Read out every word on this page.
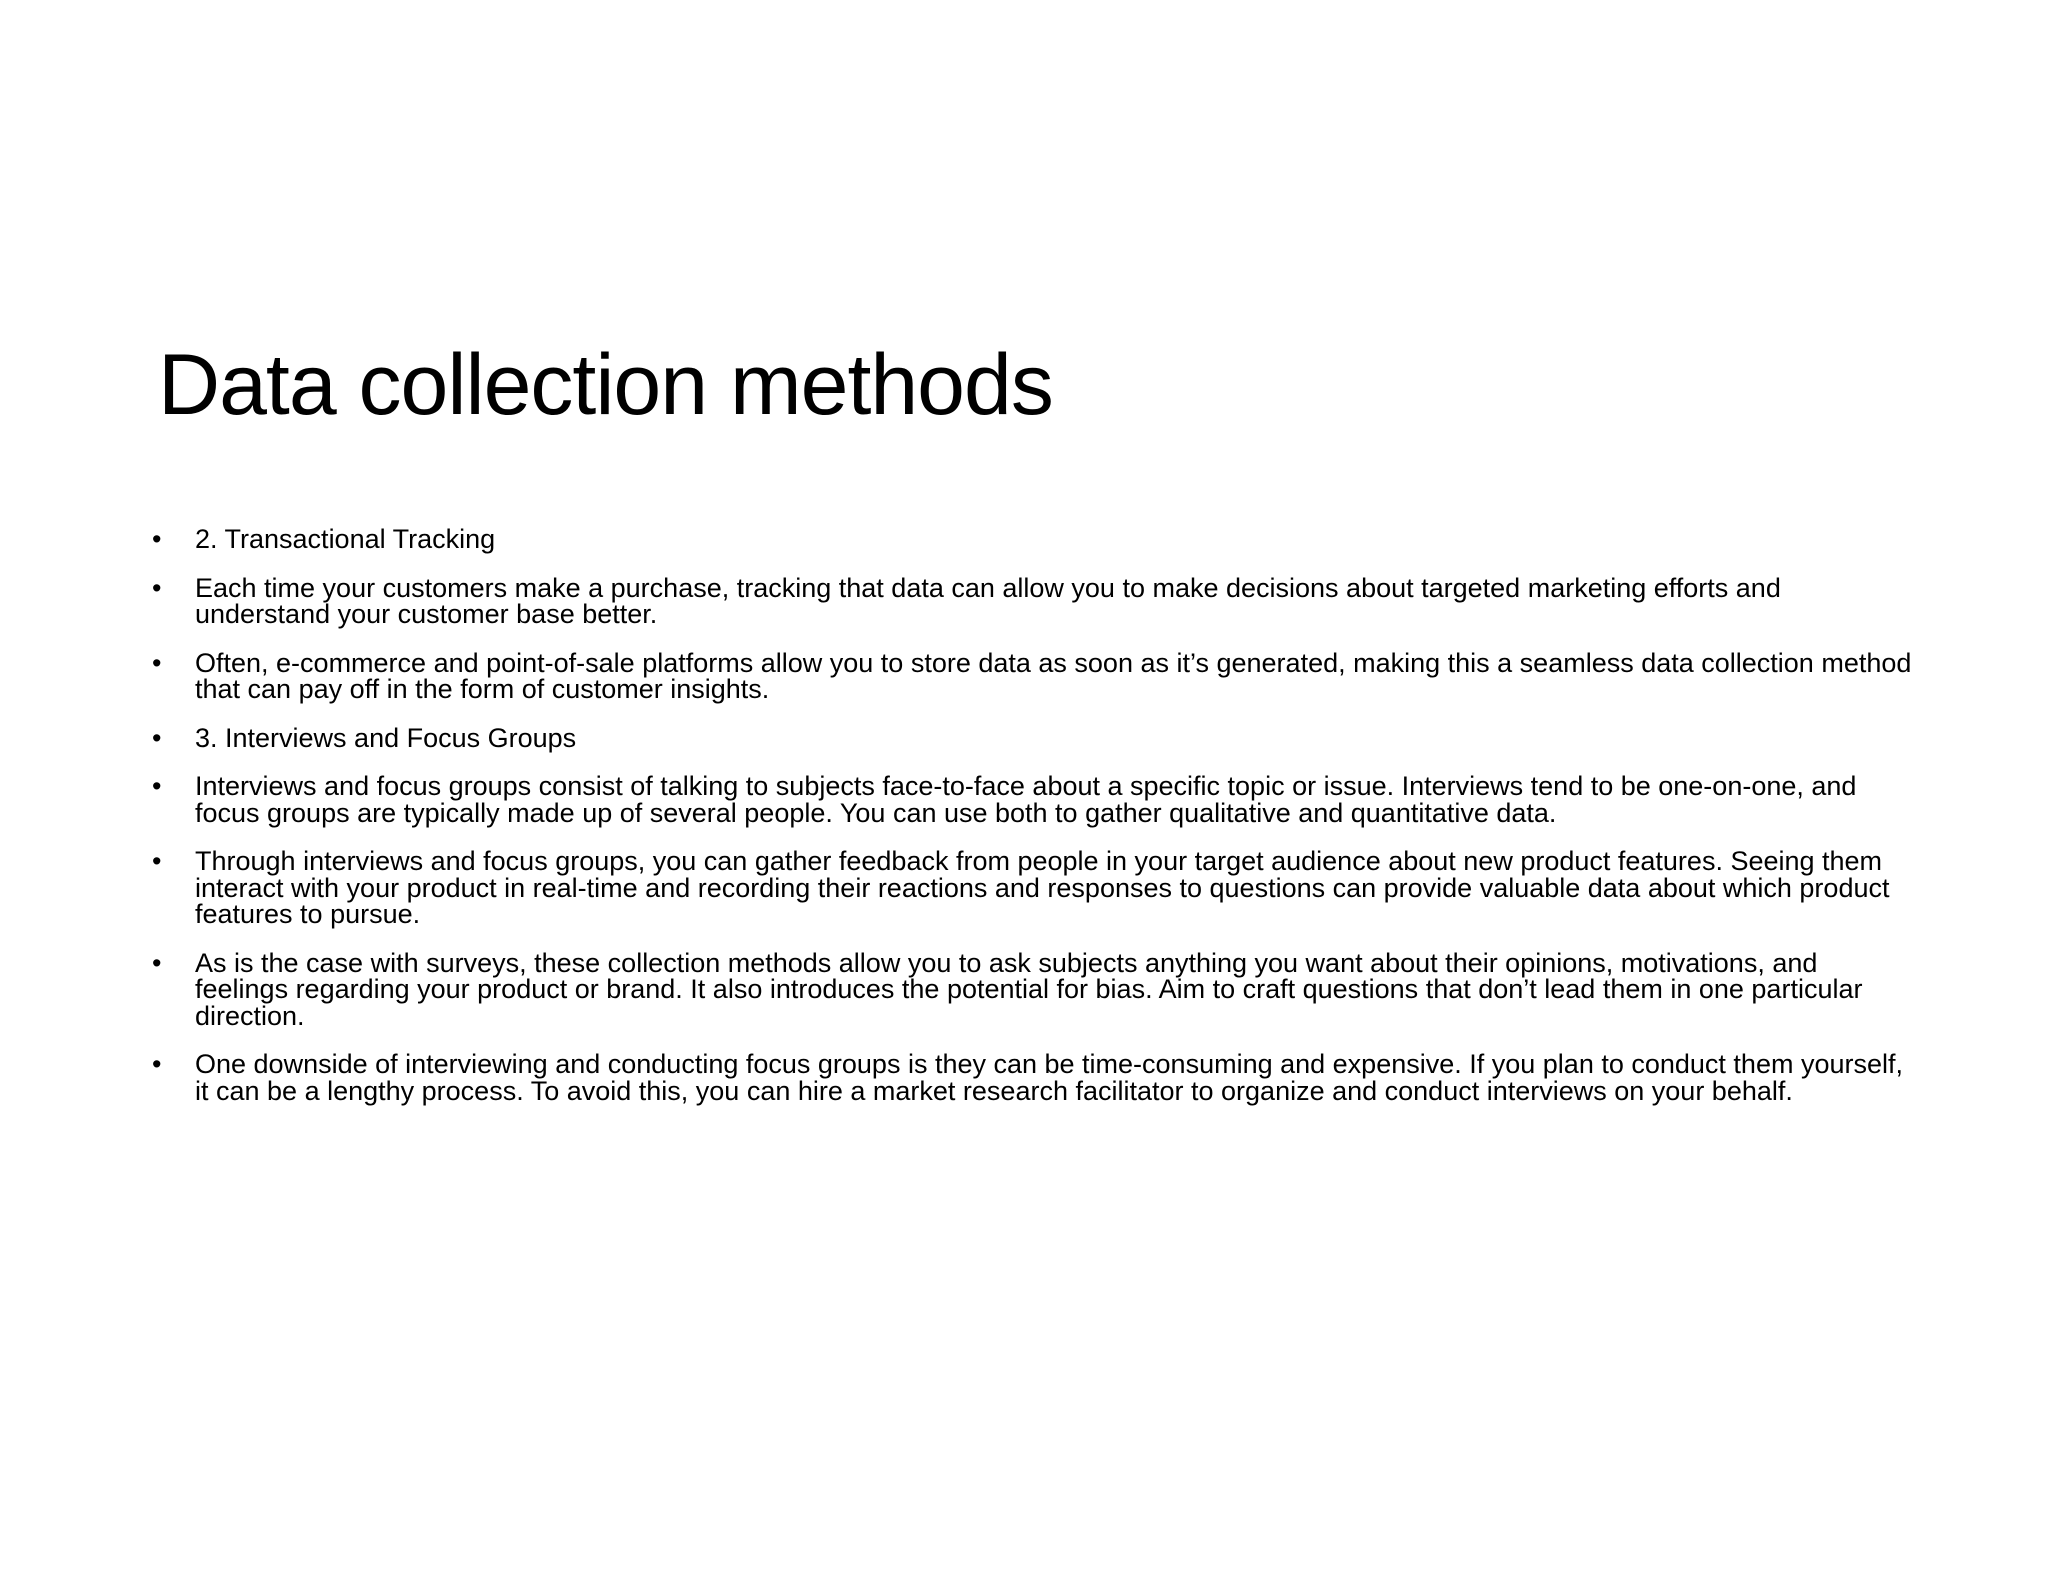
Data collection methods
•	2. Transactional Tracking
•	Each time your customers make a purchase, tracking that data can allow you to make decisions about targeted marketing efforts and understand your customer base better.
•	Often, e-commerce and point-of-sale platforms allow you to store data as soon as it’s generated, making this a seamless data collection method that can pay off in the form of customer insights.
•	3. Interviews and Focus Groups
•	Interviews and focus groups consist of talking to subjects face-to-face about a specific topic or issue. Interviews tend to be one-on-one, and focus groups are typically made up of several people. You can use both to gather qualitative and quantitative data.
•	Through interviews and focus groups, you can gather feedback from people in your target audience about new product features. Seeing them interact with your product in real-time and recording their reactions and responses to questions can provide valuable data about which product features to pursue.
•	As is the case with surveys, these collection methods allow you to ask subjects anything you want about their opinions, motivations, and feelings regarding your product or brand. It also introduces the potential for bias. Aim to craft questions that don’t lead them in one particular direction.
•	One downside of interviewing and conducting focus groups is they can be time-consuming and expensive. If you plan to conduct them yourself, it can be a lengthy process. To avoid this, you can hire a market research facilitator to organize and conduct interviews on your behalf.
